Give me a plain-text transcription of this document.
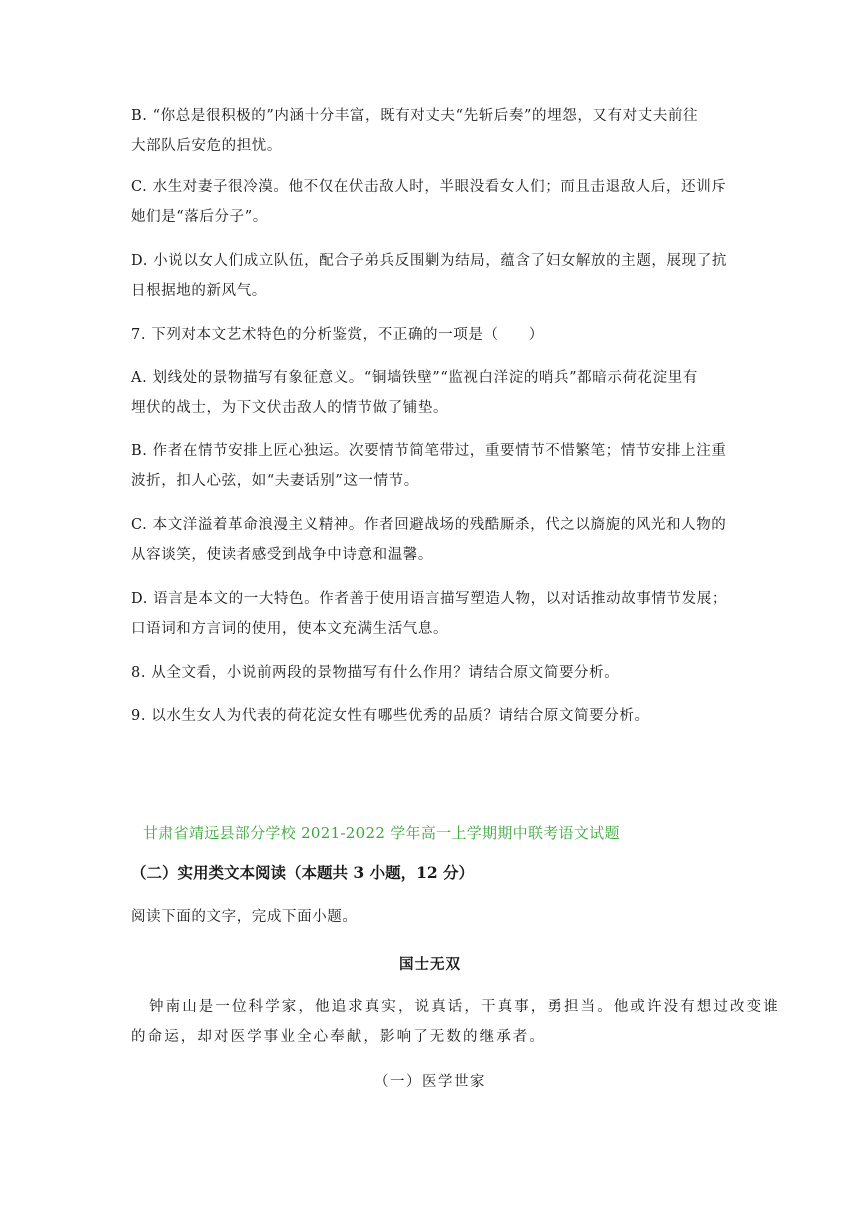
B. “你总是很积极的”内涵十分丰富，既有对丈夫“先斩后奏”的埋怨，又有对丈夫前往
大部队后安危的担忧。
C. 水生对妻子很冷漠。他不仅在伏击敌人时，半眼没看女人们；而且击退敌人后，还训斥
她们是“落后分子”。
D. 小说以女人们成立队伍，配合子弟兵反围剿为结局，蕴含了妇女解放的主题，展现了抗
日根据地的新风气。
7. 下列对本文艺术特色的分析鉴赏，不正确的一项是（　　）
A. 划线处的景物描写有象征意义。“铜墙铁壁”“监视白洋淀的哨兵”都暗示荷花淀里有
埋伏的战士，为下文伏击敌人的情节做了铺垫。
B. 作者在情节安排上匠心独运。次要情节简笔带过，重要情节不惜繁笔；情节安排上注重
波折，扣人心弦，如“夫妻话别”这一情节。
C. 本文洋溢着革命浪漫主义精神。作者回避战场的残酷厮杀，代之以旖旎的风光和人物的
从容谈笑，使读者感受到战争中诗意和温馨。
D. 语言是本文的一大特色。作者善于使用语言描写塑造人物，以对话推动故事情节发展；
口语词和方言词的使用，使本文充满生活气息。
8. 从全文看，小说前两段的景物描写有什么作用？请结合原文简要分析。
9. 以水生女人为代表的荷花淀女性有哪些优秀的品质？请结合原文简要分析。
甘肃省靖远县部分学校 2021-2022 学年高一上学期期中联考语文试题
（二）实用类文本阅读（本题共 3 小题，12 分）
阅读下面的文字，完成下面小题。
国士无双
钟南山是一位科学家，他追求真实，说真话，干真事，勇担当。他或许没有想过改变谁
的命运，却对医学事业全心奉献，影响了无数的继承者。
（一）医学世家
